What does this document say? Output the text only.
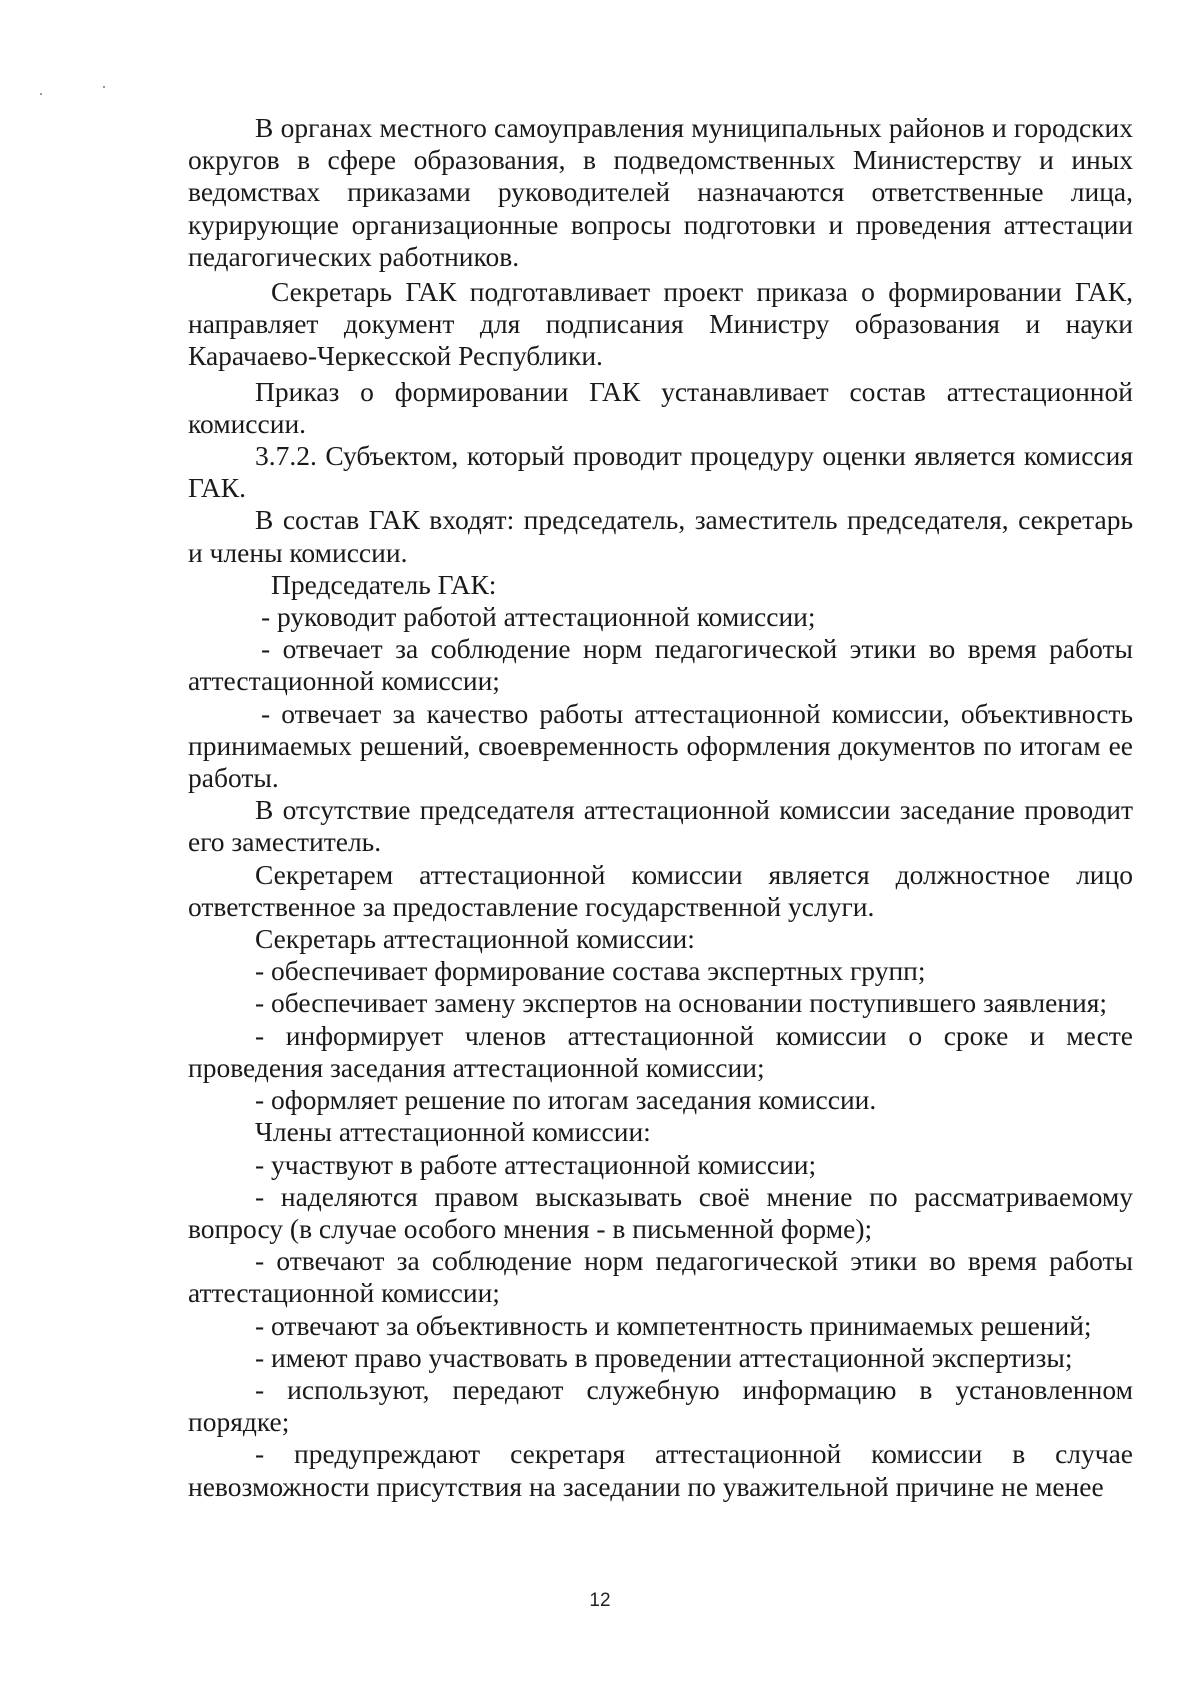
В органах местного самоуправления муниципальных районов и городских округов в сфере образования, в подведомственных Министерству и иных ведомствах приказами руководителей назначаются ответственные лица, курирующие организационные вопросы подготовки и проведения аттестации педагогических работников.

Секретарь ГАК подготавливает проект приказа о формировании ГАК, направляет документ для подписания Министру образования и науки Карачаево-Черкесской Республики.

Приказ о формировании ГАК устанавливает состав аттестационной комиссии.

3.7.2. Субъектом, который проводит процедуру оценки является комиссия ГАК.

В состав ГАК входят: председатель, заместитель председателя, секретарь и члены комиссии.

Председатель ГАК:

- руководит работой аттестационной комиссии;

- отвечает за соблюдение норм педагогической этики во время работы аттестационной комиссии;

- отвечает за качество работы аттестационной комиссии, объективность принимаемых решений, своевременность оформления документов по итогам ее работы.

В отсутствие председателя аттестационной комиссии заседание проводит его заместитель.

Секретарем аттестационной комиссии является должностное лицо ответственное за предоставление государственной услуги.

Секретарь аттестационной комиссии:

- обеспечивает формирование состава экспертных групп;

- обеспечивает замену экспертов на основании поступившего заявления;

- информирует членов аттестационной комиссии о сроке и месте проведения заседания аттестационной комиссии;

- оформляет решение по итогам заседания комиссии.

Члены аттестационной комиссии:

- участвуют в работе аттестационной комиссии;

- наделяются правом высказывать своё мнение по рассматриваемому вопросу (в случае особого мнения - в письменной форме);

- отвечают за соблюдение норм педагогической этики во время работы аттестационной комиссии;

- отвечают за объективность и компетентность принимаемых решений;

- имеют право участвовать в проведении аттестационной экспертизы;

- используют, передают служебную информацию в установленном порядке;

- предупреждают секретаря аттестационной комиссии в случае невозможности присутствия на заседании по уважительной причине не менее

12
